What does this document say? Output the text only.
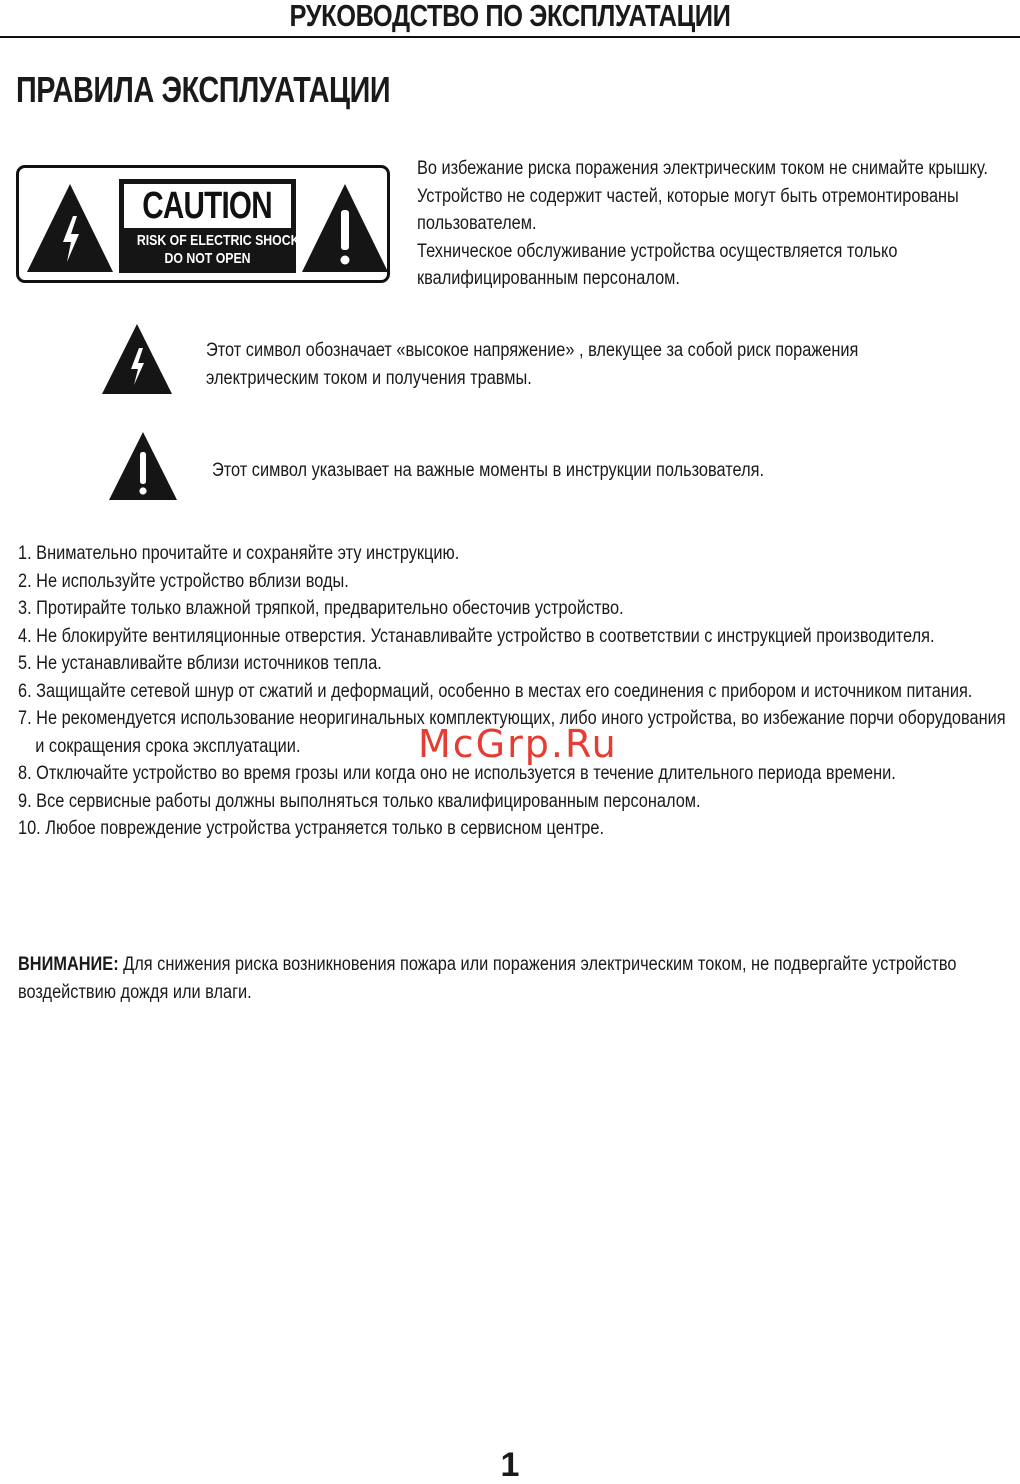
РУКОВОДСТВО ПО ЭКСПЛУАТАЦИИ
ПРАВИЛА ЭКСПЛУАТАЦИИ
CAUTION
RISK OF ELECTRIC SHOCK
DO NOT OPEN
Во избежание риска поражения электрическим током не снимайте крышку.
Устройство не содержит частей, которые могут быть отремонтированы
пользователем.
Техническое обслуживание устройства осуществляется только
квалифицированным персоналом.
Этот символ обозначает «высокое напряжение» , влекущее за собой риск поражения
электрическим током и получения травмы.
Этот символ указывает на важные моменты в инструкции пользователя.
1. Внимательно прочитайте и сохраняйте эту инструкцию.
2. Не используйте устройство вблизи воды.
3. Протирайте только влажной тряпкой, предварительно обесточив устройство.
4. Не блокируйте вентиляционные отверстия. Устанавливайте устройство в соответствии с инструкцией производителя.
5. Не устанавливайте вблизи источников тепла.
6. Защищайте сетевой шнур от сжатий и деформаций, особенно в местах его соединения с прибором и источником питания.
7. Не рекомендуется использование неоригинальных комплектующих, либо иного устройства, во избежание порчи оборудования
и сокращения срока эксплуатации.
8. Отключайте устройство во время грозы или когда оно не используется в течение длительного периода времени.
9. Все сервисные работы должны выполняться только квалифицированным персоналом.
10. Любое повреждение устройства устраняется только в сервисном центре.
McGrp.Ru
ВНИМАНИЕ: Для снижения риска возникновения пожара или поражения электрическим током, не подвергайте устройство
воздействию дождя или влаги.
1
